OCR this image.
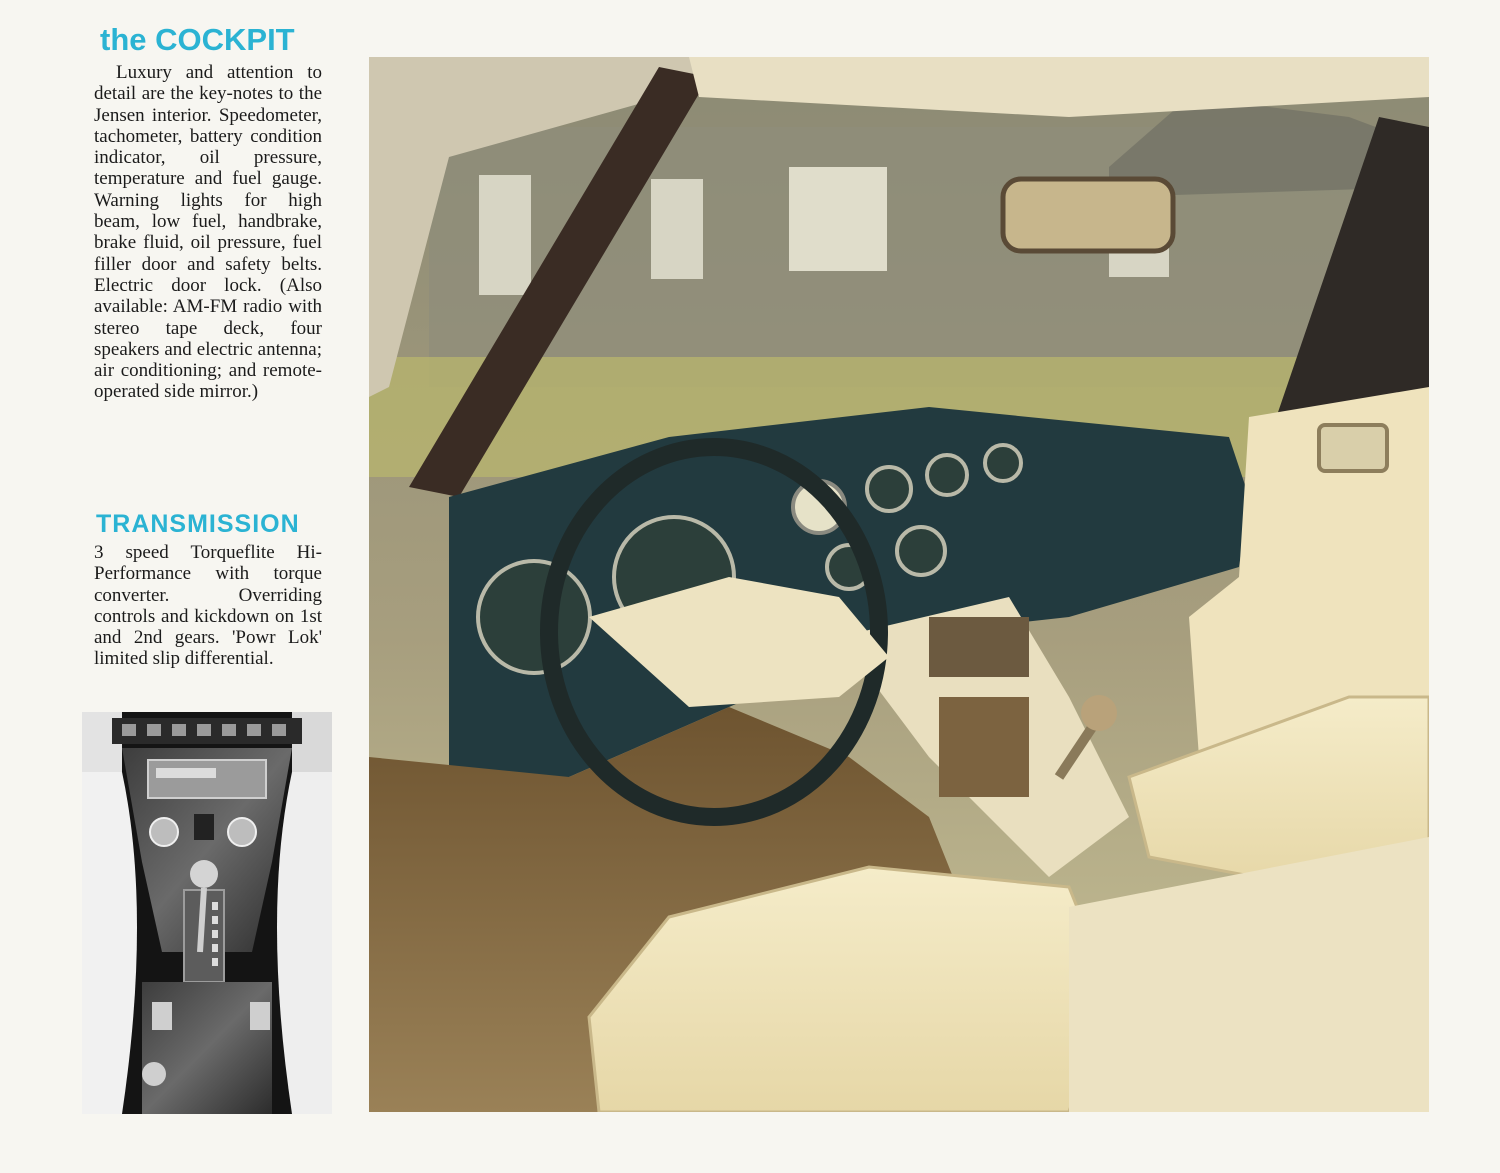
the COCKPIT

Luxury and attention to detail are the key-notes to the Jensen interior. Speedometer, tachometer, battery condition indicator, oil pressure, temperature and fuel gauge. Warning lights for high beam, low fuel, handbrake, brake fluid, oil pressure, fuel filler door and safety belts. Electric door lock. (Also available: AM-FM radio with stereo tape deck, four speakers and electric antenna; air conditioning; and remote-operated side mirror.)

TRANSMISSION

3 speed Torqueflite Hi-Performance with torque converter. Overriding controls and kickdown on 1st and 2nd gears. 'Powr Lok' limited slip differential.
